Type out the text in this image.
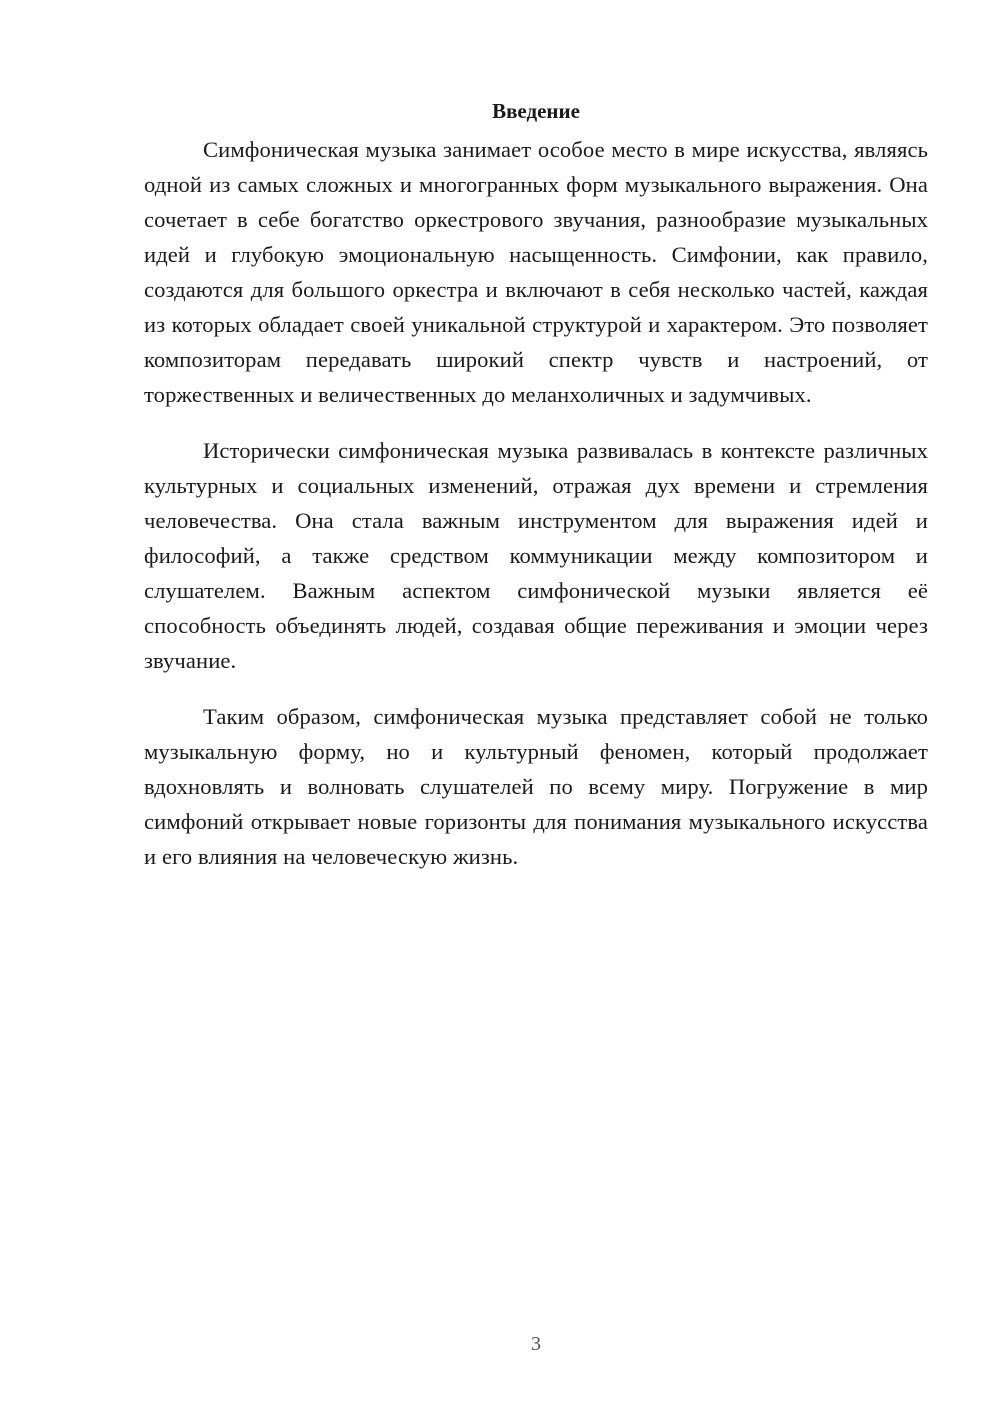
Введение

Симфоническая музыка занимает особое место в мире искусства, являясь одной из самых сложных и многогранных форм музыкального выражения. Она сочетает в себе богатство оркестрового звучания, разнообразие музыкальных идей и глубокую эмоциональную насыщенность. Симфонии, как правило, создаются для большого оркестра и включают в себя несколько частей, каждая из которых обладает своей уникальной структурой и характером. Это позволяет композиторам передавать широкий спектр чувств и настроений, от торжественных и величественных до меланхоличных и задумчивых.

Исторически симфоническая музыка развивалась в контексте различных культурных и социальных изменений, отражая дух времени и стремления человечества. Она стала важным инструментом для выражения идей и философий, а также средством коммуникации между композитором и слушателем. Важным аспектом симфонической музыки является её способность объединять людей, создавая общие переживания и эмоции через звучание.

Таким образом, симфоническая музыка представляет собой не только музыкальную форму, но и культурный феномен, который продолжает вдохновлять и волновать слушателей по всему миру. Погружение в мир симфоний открывает новые горизонты для понимания музыкального искусства и его влияния на человеческую жизнь.

3
